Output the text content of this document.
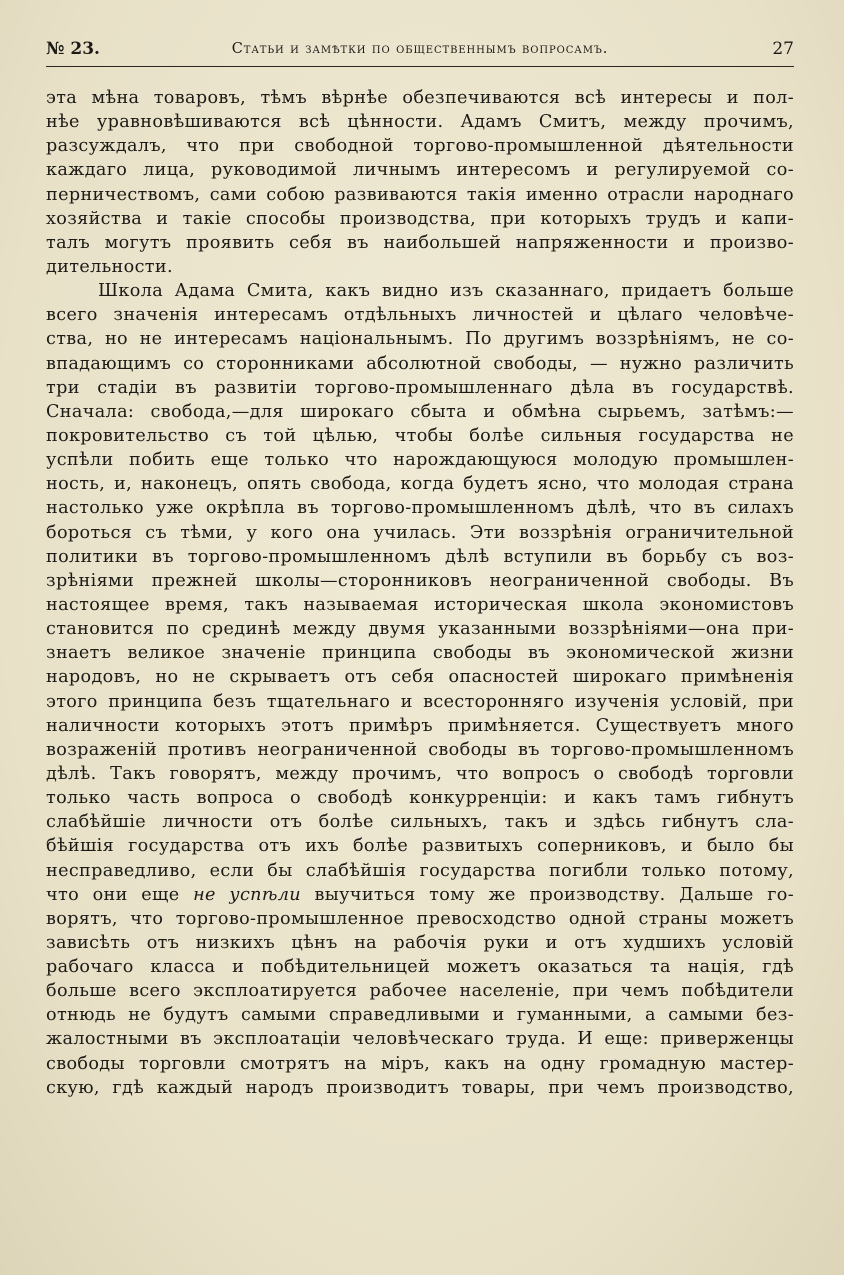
№ 23.	Статьи и замѣтки по общественнымъ вопросамъ.	27
эта мѣна товаровъ, тѣмъ вѣрнѣе обезпечиваются всѣ интересы и пол-
нѣе уравновѣшиваются всѣ цѣнности. Адамъ Смитъ, между прочимъ,
разсуждалъ, что при свободной торгово-промышленной дѣятельности
каждаго лица, руководимой личнымъ интересомъ и регулируемой со-
перничествомъ, сами собою развиваются такія именно отрасли народнаго
хозяйства и такіе способы производства, при которыхъ трудъ и капи-
талъ могутъ проявить себя въ наибольшей напряженности и произво-
дительности.
Школа Адама Смита, какъ видно изъ сказаннаго, придаетъ больше
всего значенія интересамъ отдѣльныхъ личностей и цѣлаго человѣче-
ства, но не интересамъ національнымъ. По другимъ воззрѣніямъ, не со-
впадающимъ со сторонниками абсолютной свободы, — нужно различить
три стадіи въ развитіи торгово-промышленнаго дѣла въ государствѣ.
Сначала: свобода,—для широкаго сбыта и обмѣна сырьемъ, затѣмъ:—
покровительство съ той цѣлью, чтобы болѣе сильныя государства не
успѣли побить еще только что нарождающуюся молодую промышлен-
ность, и, наконецъ, опять свобода, когда будетъ ясно, что молодая страна
настолько уже окрѣпла въ торгово-промышленномъ дѣлѣ, что въ силахъ
бороться съ тѣми, у кого она училась. Эти воззрѣнія ограничительной
политики въ торгово-промышленномъ дѣлѣ вступили въ борьбу съ воз-
зрѣніями прежней школы—сторонниковъ неограниченной свободы. Въ
настоящее время, такъ называемая историческая школа экономистовъ
становится по срединѣ между двумя указанными воззрѣніями—она при-
знаетъ великое значеніе принципа свободы въ экономической жизни
народовъ, но не скрываетъ отъ себя опасностей широкаго примѣненія
этого принципа безъ тщательнаго и всесторонняго изученія условій, при
наличности которыхъ этотъ примѣръ примѣняется. Существуетъ много
возраженій противъ неограниченной свободы въ торгово-промышленномъ
дѣлѣ. Такъ говорятъ, между прочимъ, что вопросъ о свободѣ торговли
только часть вопроса о свободѣ конкурренціи: и какъ тамъ гибнутъ
слабѣйшіе личности отъ болѣе сильныхъ, такъ и здѣсь гибнутъ сла-
бѣйшія государства отъ ихъ болѣе развитыхъ соперниковъ, и было бы
несправедливо, если бы слабѣйшія государства погибли только потому,
что они еще не успѣли выучиться тому же производству. Дальше го-
ворятъ, что торгово-промышленное превосходство одной страны можетъ
зависѣть отъ низкихъ цѣнъ на рабочія руки и отъ худшихъ условій
рабочаго класса и побѣдительницей можетъ оказаться та нація, гдѣ
больше всего эксплоатируется рабочее населеніе, при чемъ побѣдители
отнюдь не будутъ самыми справедливыми и гуманными, а самыми без-
жалостными въ эксплоатаціи человѣческаго труда. И еще: приверженцы
свободы торговли смотрятъ на міръ, какъ на одну громадную мастер-
скую, гдѣ каждый народъ производитъ товары, при чемъ производство,
